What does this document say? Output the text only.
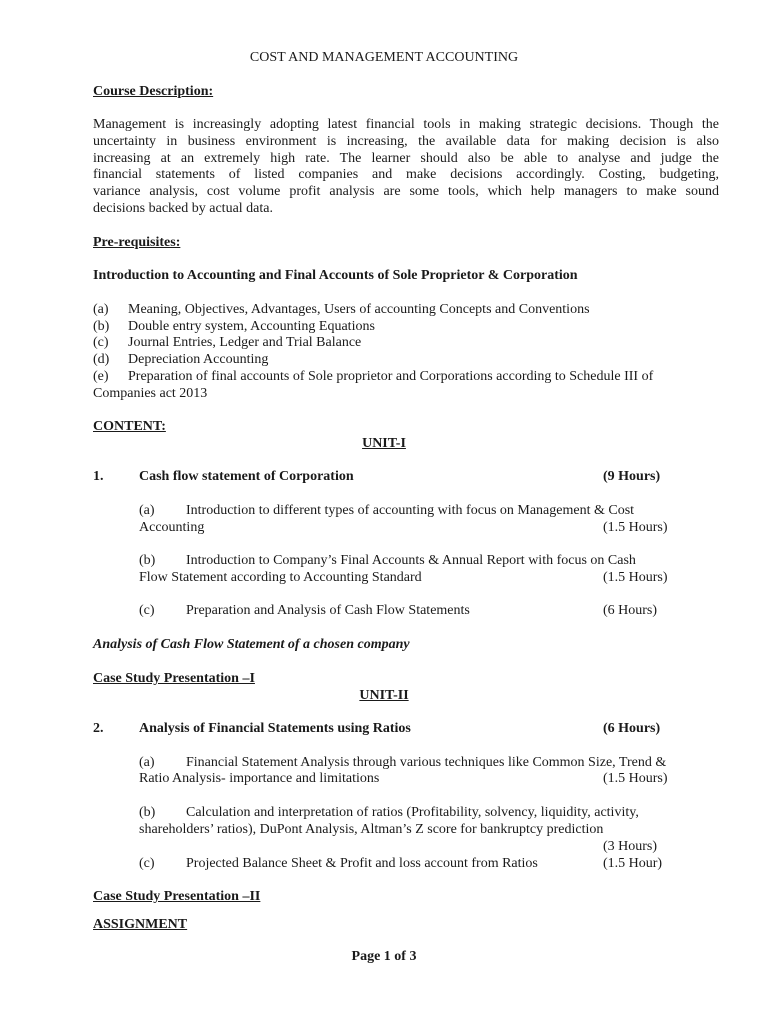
COST AND MANAGEMENT ACCOUNTING
Course Description:
Management is increasingly adopting latest financial tools in making strategic decisions. Though the
uncertainty in business environment is increasing, the available data for making decision is also
increasing at an extremely high rate. The learner should also be able to analyse and judge the
financial statements of listed companies and make decisions accordingly. Costing, budgeting,
variance analysis, cost volume profit analysis are some tools, which help managers to make sound
decisions backed by actual data.
Pre-requisites:
Introduction to Accounting and Final Accounts of Sole Proprietor & Corporation
(a) Meaning, Objectives, Advantages, Users of accounting Concepts and Conventions
(b) Double entry system, Accounting Equations
(c) Journal Entries, Ledger and Trial Balance
(d) Depreciation Accounting
(e) Preparation of final accounts of Sole proprietor and Corporations according to Schedule III of
Companies act 2013
CONTENT:
UNIT-I
1.	Cash flow statement of Corporation	(9 Hours)
(a) Introduction to different types of accounting with focus on Management & Cost
Accounting	(1.5 Hours)
(b) Introduction to Company’s Final Accounts & Annual Report with focus on Cash
Flow Statement according to Accounting Standard	(1.5 Hours)
(c) Preparation and Analysis of Cash Flow Statements	(6 Hours)
Analysis of Cash Flow Statement of a chosen company
Case Study Presentation –I
UNIT-II
2.	Analysis of Financial Statements using Ratios	(6 Hours)
(a) Financial Statement Analysis through various techniques like Common Size, Trend &
Ratio Analysis- importance and limitations	(1.5 Hours)
(b) Calculation and interpretation of ratios (Profitability, solvency, liquidity, activity,
shareholders’ ratios), DuPont Analysis, Altman’s Z score for bankruptcy prediction
(3 Hours)
(c) Projected Balance Sheet & Profit and loss account from Ratios	(1.5 Hour)
Case Study Presentation –II
ASSIGNMENT
Page 1 of 3
